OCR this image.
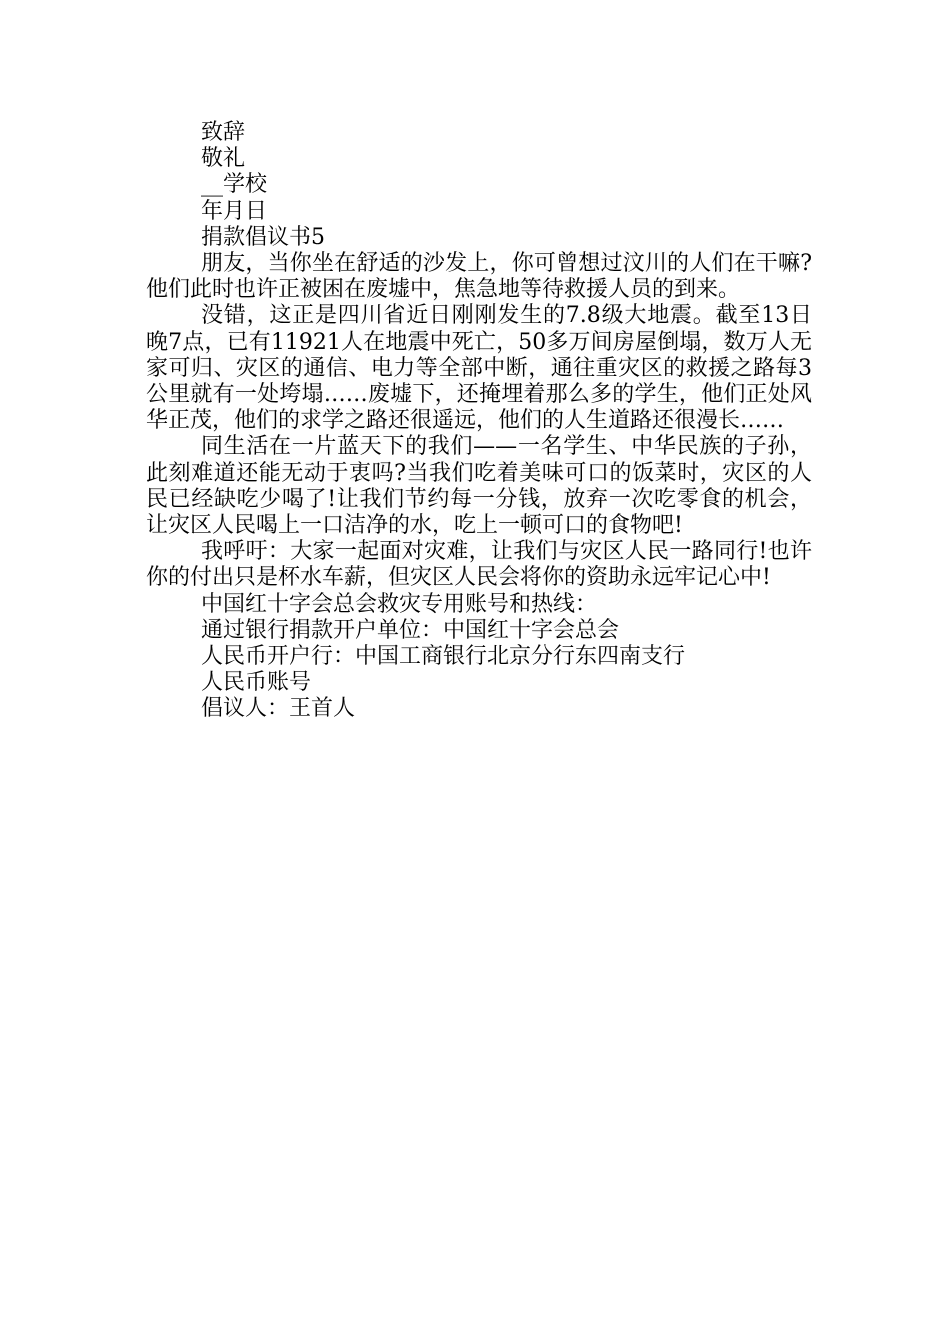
致辞

敬礼

__学校

年月日

捐款倡议书5

朋友，当你坐在舒适的沙发上，你可曾想过汶川的人们在干嘛?他们此时也许正被困在废墟中，焦急地等待救援人员的到来。

没错，这正是四川省近日刚刚发生的7.8级大地震。截至13日晚7点，已有11921人在地震中死亡，50多万间房屋倒塌，数万人无家可归、灾区的通信、电力等全部中断，通往重灾区的救援之路每3公里就有一处垮塌……废墟下，还掩埋着那么多的学生，他们正处风华正茂，他们的求学之路还很遥远，他们的人生道路还很漫长……

同生活在一片蓝天下的我们——一名学生、中华民族的子孙，此刻难道还能无动于衷吗?当我们吃着美味可口的饭菜时，灾区的人民已经缺吃少喝了!让我们节约每一分钱，放弃一次吃零食的机会，让灾区人民喝上一口洁净的水，吃上一顿可口的食物吧!

我呼吁：大家一起面对灾难，让我们与灾区人民一路同行!也许你的付出只是杯水车薪，但灾区人民会将你的资助永远牢记心中!

中国红十字会总会救灾专用账号和热线：

通过银行捐款开户单位：中国红十字会总会

人民币开户行：中国工商银行北京分行东四南支行

人民币账号

倡议人：王首人
